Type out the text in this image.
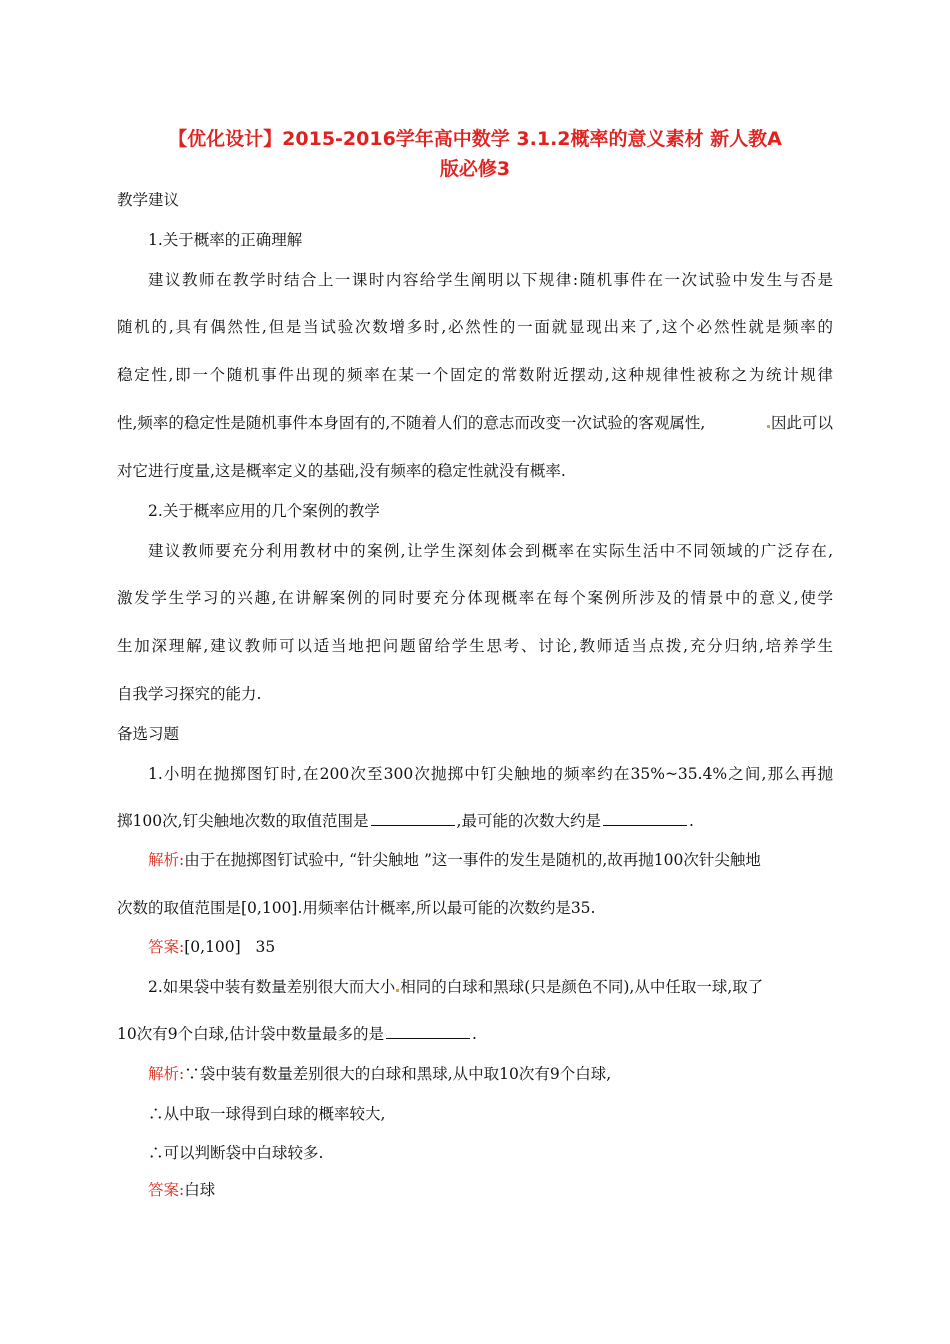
【优化设计】2015-2016学年高中数学 3.1.2概率的意义素材 新人教A
版必修3
教学建议
1.关于概率的正确理解
建议教师在教学时结合上一课时内容给学生阐明以下规律:随机事件在一次试验中发生与否是
随机的,具有偶然性,但是当试验次数增多时,必然性的一面就显现出来了,这个必然性就是频率的
稳定性,即一个随机事件出现的频率在某一个固定的常数附近摆动,这种规律性被称之为统计规律
性,频率的稳定性是随机事件本身固有的,不随着人们的意志而改变一次试验的客观属性,	因此可以
对它进行度量,这是概率定义的基础,没有频率的稳定性就没有概率.
2.关于概率应用的几个案例的教学
建议教师要充分利用教材中的案例,让学生深刻体会到概率在实际生活中不同领域的广泛存在,
激发学生学习的兴趣,在讲解案例的同时要充分体现概率在每个案例所涉及的情景中的意义,使学
生加深理解,建议教师可以适当地把问题留给学生思考、讨论,教师适当点拨,充分归纳,培养学生
自我学习探究的能力.
备选习题
1.小明在抛掷图钉时,在200次至300次抛掷中钉尖触地的频率约在35%~35.4%之间,那么再抛
掷100次,钉尖触地次数的取值范围是	,最可能的次数大约是	.
解析:由于在抛掷图钉试验中, “针尖触地 ”这一事件的发生是随机的,故再抛100次针尖触地
次数的取值范围是[0,100].用频率估计概率,所以最可能的次数约是35.
答案:[0,100]   35
2.如果袋中装有数量差别很大而大小 相同的白球和黑球(只是颜色不同),从中任取一球,取了
10次有9个白球,估计袋中数量最多的是	.
解析:∵袋中装有数量差别很大的白球和黑球,从中取10次有9个白球,
∴从中取一球得到白球的概率较大,
∴可以判断袋中白球较多.
答案:白球
